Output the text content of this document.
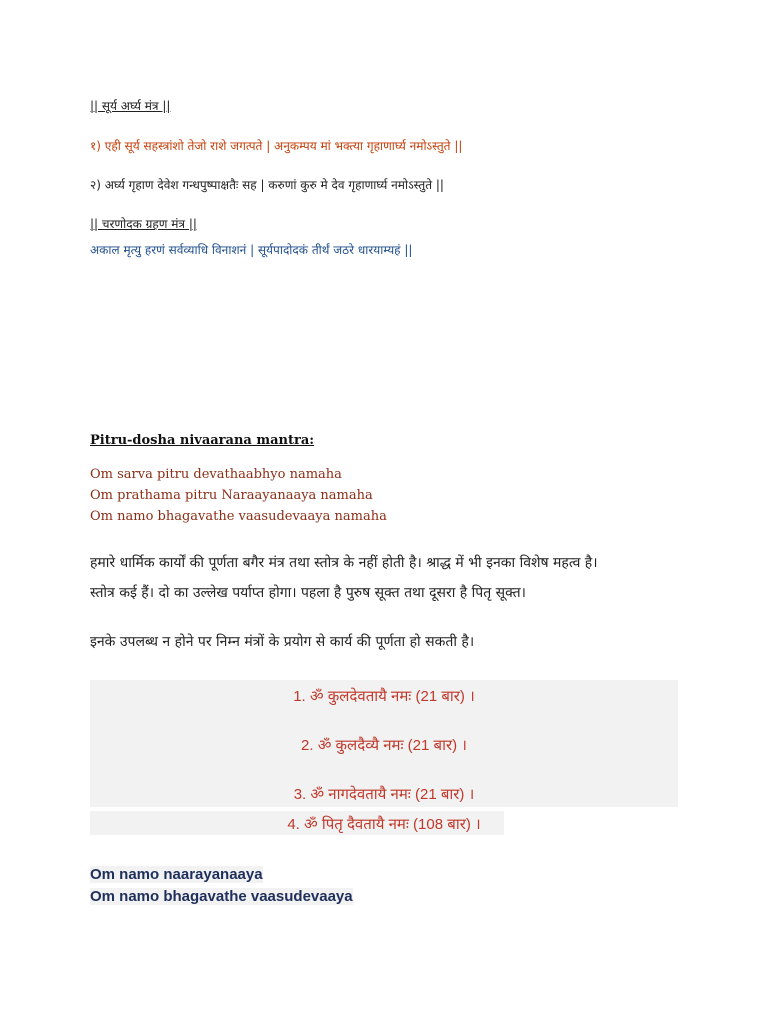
|| सूर्य अर्घ्य मंत्र ||
१) एही सूर्य सहस्त्रांशो तेजो राशे जगत्पते | अनुकम्पय मां भक्त्या गृहाणार्घ्य नमोऽस्तुते ||
२) अर्घ्य गृहाण देवेश गन्धपुष्पाक्षतैः सह | करुणां कुरु मे देव गृहाणार्घ्य नमोऽस्तुते ||
|| चरणोदक ग्रहण मंत्र ||
अकाल मृत्यु हरणं सर्वव्याधि विनाशनं | सूर्यपादोदकं तीर्थं जठरे धारयाम्यहं ||
Pitru-dosha nivaarana mantra:
Om sarva pitru devathaabhyo namaha
Om prathama pitru Naraayanaaya namaha
Om namo bhagavathe vaasudevaaya namaha
हमारे धार्मिक कार्यों की पूर्णता बगैर मंत्र तथा स्तोत्र के नहीं होती है। श्राद्ध में भी इनका विशेष महत्व है।
स्तोत्र कई हैं। दो का उल्लेख पर्याप्त होगा। पहला है पुरुष सूक्त तथा दूसरा है पितृ सूक्त।
इनके उपलब्ध न होने पर निम्न मंत्रों के प्रयोग से कार्य की पूर्णता हो सकती है।
1. ॐ कुलदेवतायै नमः (21 बार) ।
2. ॐ कुलदैव्यै नमः (21 बार) ।
3. ॐ नागदेवतायै नमः (21 बार) ।
4. ॐ पितृ दैवतायै नमः (108 बार) ।
Om namo naarayanaaya
Om namo bhagavathe vaasudevaaya
